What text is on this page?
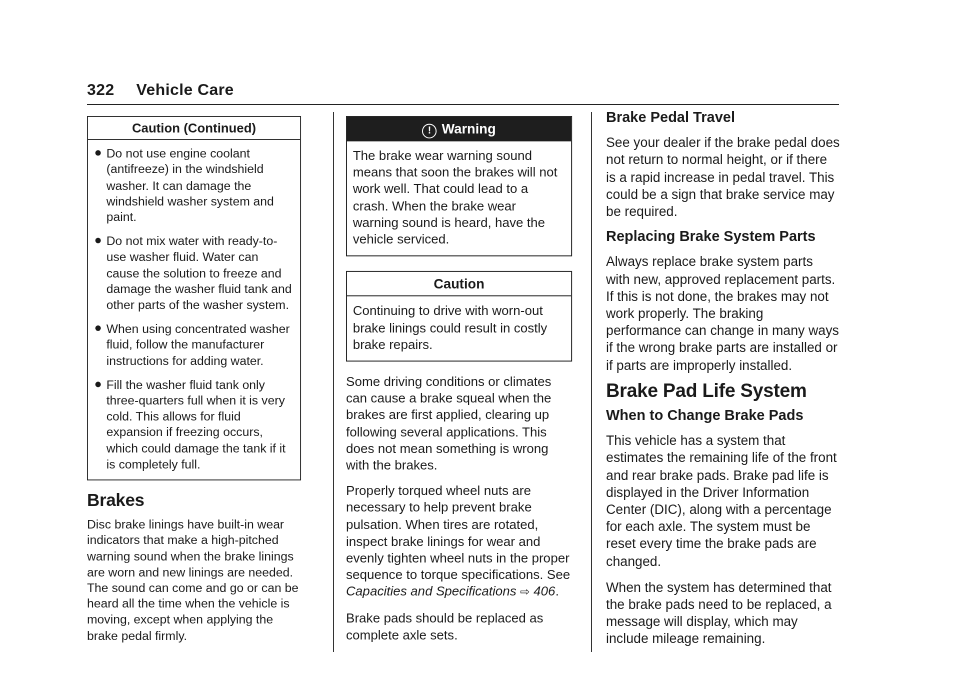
322 Vehicle Care
Caution (Continued)
Do not use engine coolant (antifreeze) in the windshield washer. It can damage the windshield washer system and paint.
Do not mix water with ready-to-use washer fluid. Water can cause the solution to freeze and damage the washer fluid tank and other parts of the washer system.
When using concentrated washer fluid, follow the manufacturer instructions for adding water.
Fill the washer fluid tank only three-quarters full when it is very cold. This allows for fluid expansion if freezing occurs, which could damage the tank if it is completely full.
Brakes

Disc brake linings have built-in wear indicators that make a high-pitched warning sound when the brake linings are worn and new linings are needed. The sound can come and go or can be heard all the time when the vehicle is moving, except when applying the brake pedal firmly.

! Warning
The brake wear warning sound means that soon the brakes will not work well. That could lead to a crash. When the brake wear warning sound is heard, have the vehicle serviced.
Caution
Continuing to drive with worn-out brake linings could result in costly brake repairs.

Some driving conditions or climates can cause a brake squeal when the brakes are first applied, clearing up following several applications. This does not mean something is wrong with the brakes.

Properly torqued wheel nuts are necessary to help prevent brake pulsation. When tires are rotated, inspect brake linings for wear and evenly tighten wheel nuts in the proper sequence to torque specifications. See Capacities and Specifications ⇨ 406.

Brake pads should be replaced as complete axle sets.

Brake Pedal Travel

See your dealer if the brake pedal does not return to normal height, or if there is a rapid increase in pedal travel. This could be a sign that brake service may be required.

Replacing Brake System Parts

Always replace brake system parts with new, approved replacement parts. If this is not done, the brakes may not work properly. The braking performance can change in many ways if the wrong brake parts are installed or if parts are improperly installed.

Brake Pad Life System
When to Change Brake Pads

This vehicle has a system that estimates the remaining life of the front and rear brake pads. Brake pad life is displayed in the Driver Information Center (DIC), along with a percentage for each axle. The system must be reset every time the brake pads are changed.

When the system has determined that the brake pads need to be replaced, a message will display, which may include mileage remaining.
